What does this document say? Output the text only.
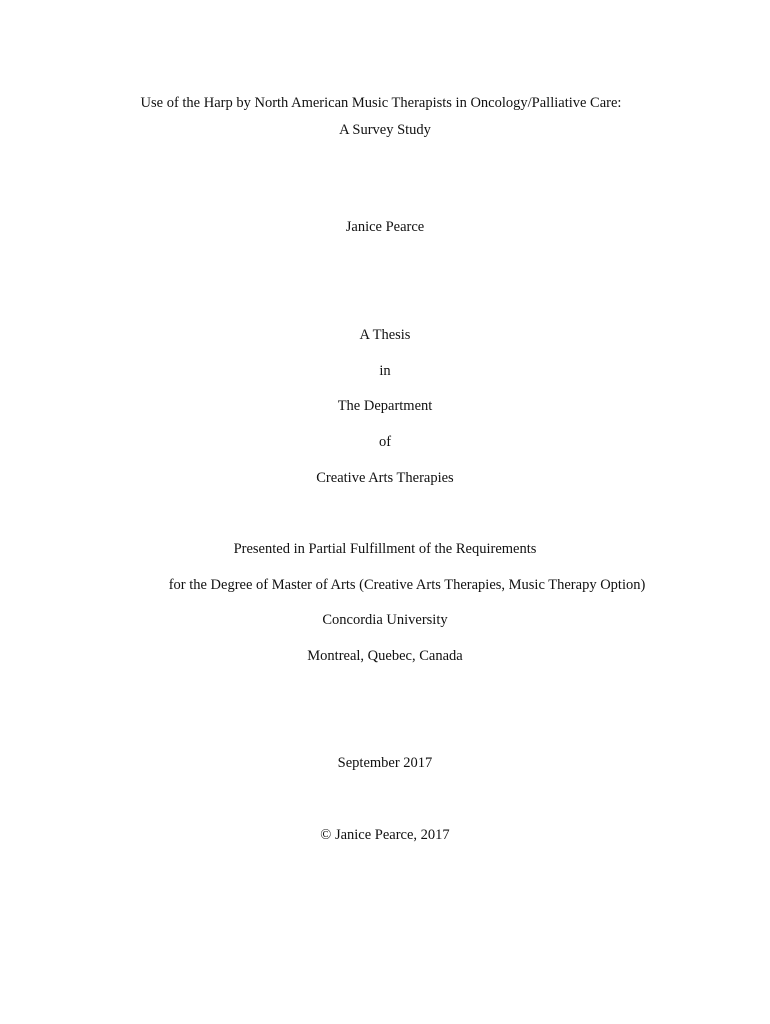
Use of the Harp by North American Music Therapists in Oncology/Palliative Care:
A Survey Study
Janice Pearce
A Thesis
in
The Department
of
Creative Arts Therapies
Presented in Partial Fulfillment of the Requirements
for the Degree of Master of Arts (Creative Arts Therapies, Music Therapy Option)
Concordia University
Montreal, Quebec, Canada
September 2017
© Janice Pearce, 2017
